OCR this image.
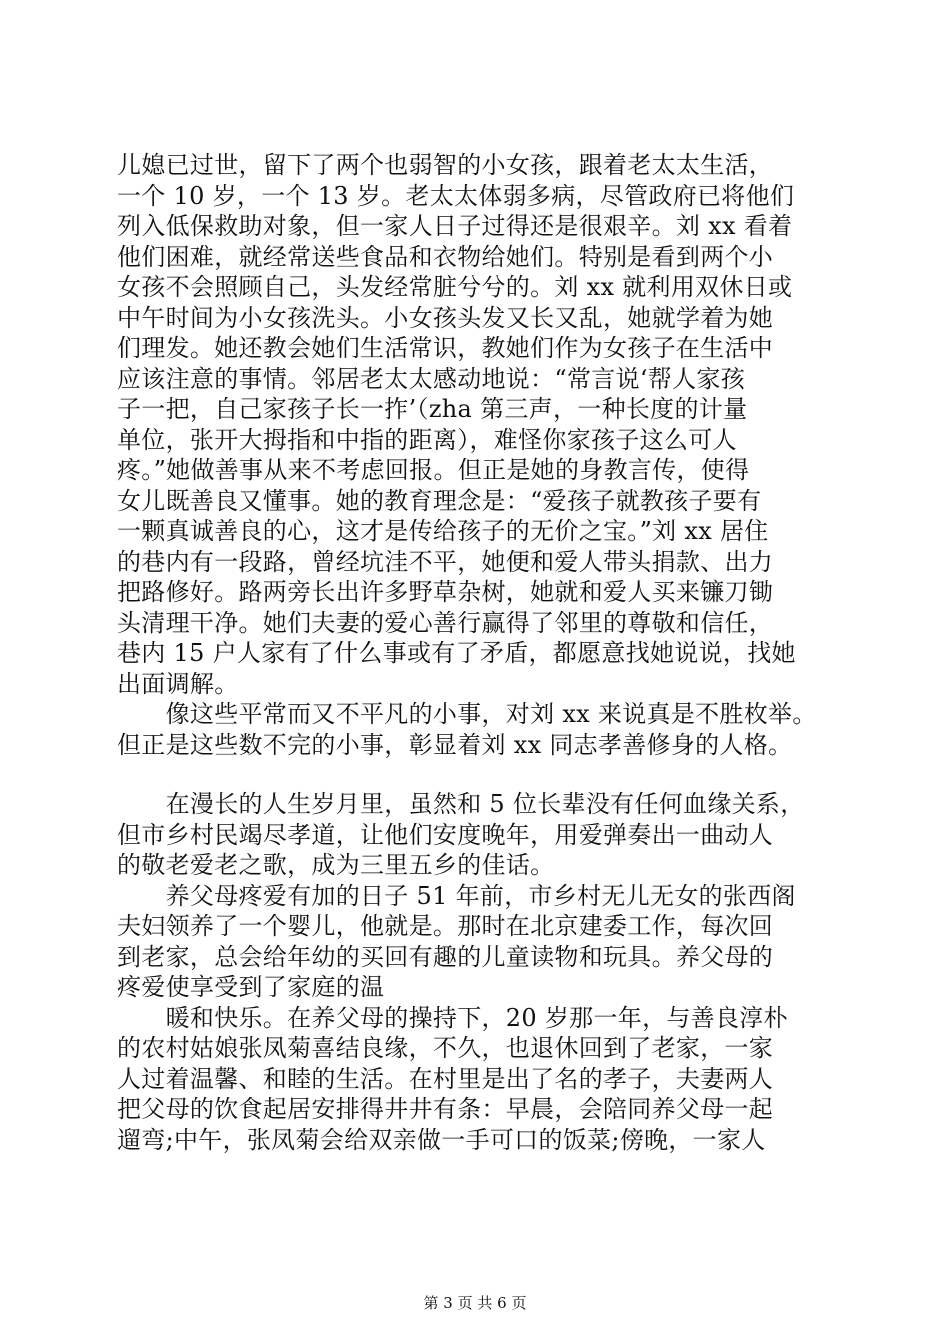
儿媳已过世，留下了两个也弱智的小女孩，跟着老太太生活，
一个 10 岁，一个 13 岁。老太太体弱多病，尽管政府已将他们
列入低保救助对象，但一家人日子过得还是很艰辛。刘 xx 看着
他们困难，就经常送些食品和衣物给她们。特别是看到两个小
女孩不会照顾自己，头发经常脏兮兮的。刘 xx 就利用双休日或
中午时间为小女孩洗头。小女孩头发又长又乱，她就学着为她
们理发。她还教会她们生活常识，教她们作为女孩子在生活中
应该注意的事情。邻居老太太感动地说：“常言说‘帮人家孩
子一把，自己家孩子长一拃’（zha 第三声，一种长度的计量
单位，张开大拇指和中指的距离），难怪你家孩子这么可人
疼。”她做善事从来不考虑回报。但正是她的身教言传，使得
女儿既善良又懂事。她的教育理念是：“爱孩子就教孩子要有
一颗真诚善良的心，这才是传给孩子的无价之宝。”刘 xx 居住
的巷内有一段路，曾经坑洼不平，她便和爱人带头捐款、出力
把路修好。路两旁长出许多野草杂树，她就和爱人买来镰刀锄
头清理干净。她们夫妻的爱心善行赢得了邻里的尊敬和信任，
巷内 15 户人家有了什么事或有了矛盾，都愿意找她说说，找她
出面调解。
　　像这些平常而又不平凡的小事，对刘 xx 来说真是不胜枚举。
但正是这些数不完的小事，彰显着刘 xx 同志孝善修身的人格。
　　在漫长的人生岁月里，虽然和 5 位长辈没有任何血缘关系，
但市乡村民竭尽孝道，让他们安度晚年，用爱弹奏出一曲动人
的敬老爱老之歌，成为三里五乡的佳话。
　　养父母疼爱有加的日子 51 年前，市乡村无儿无女的张西阁
夫妇领养了一个婴儿，他就是。那时在北京建委工作，每次回
到老家，总会给年幼的买回有趣的儿童读物和玩具。养父母的
疼爱使享受到了家庭的温
　　暖和快乐。在养父母的操持下，20 岁那一年，与善良淳朴
的农村姑娘张凤菊喜结良缘，不久，也退休回到了老家，一家
人过着温馨、和睦的生活。在村里是出了名的孝子，夫妻两人
把父母的饮食起居安排得井井有条：早晨，会陪同养父母一起
遛弯;中午，张凤菊会给双亲做一手可口的饭菜;傍晚，一家人
第 3 页 共 6 页
